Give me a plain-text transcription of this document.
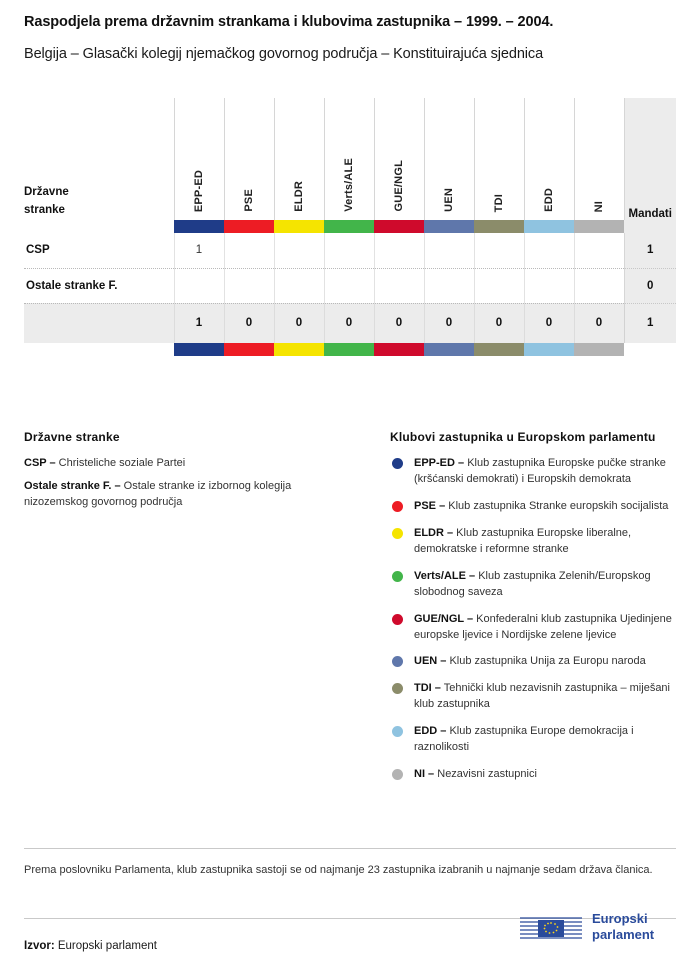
Raspodjela prema državnim strankama i klubovima zastupnika – 1999. – 2004.
Belgija – Glasački kolegij njemačkog govornog područja – Konstituirajuća sjednica
Državne
stranke	EPP-ED	PSE	ELDR	Verts/ALE	GUE/NGL	UEN	TDI	EDD	NI	Mandati

CSP	1									1
Ostale stranke F.										0
	1	0	0	0	0	0	0	0	0	1

Državne stranke
CSP – Christeliche soziale Partei
Ostale stranke F. – Ostale stranke iz izbornog kolegija nizozemskog govornog područja
Klubovi zastupnika u Europskom parlamentu
EPP-ED – Klub zastupnika Europske pučke stranke (kršćanski demokrati) i Europskih demokrata
PSE – Klub zastupnika Stranke europskih socijalista
ELDR – Klub zastupnika Europske liberalne, demokratske i reformne stranke
Verts/ALE – Klub zastupnika Zelenih/Europskog slobodnog saveza
GUE/NGL – Konfederalni klub zastupnika Ujedinjene europske ljevice i Nordijske zelene ljevice
UEN – Klub zastupnika Unija za Europu naroda
TDI – Tehnički klub nezavisnih zastupnika – miješani klub zastupnika
EDD – Klub zastupnika Europe demokracija i raznolikosti
NI – Nezavisni zastupnici
Prema poslovniku Parlamenta, klub zastupnika sastoji se od najmanje 23 zastupnika izabranih u najmanje sedam država članica.
Izvor: Europski parlament
Europski
parlament
